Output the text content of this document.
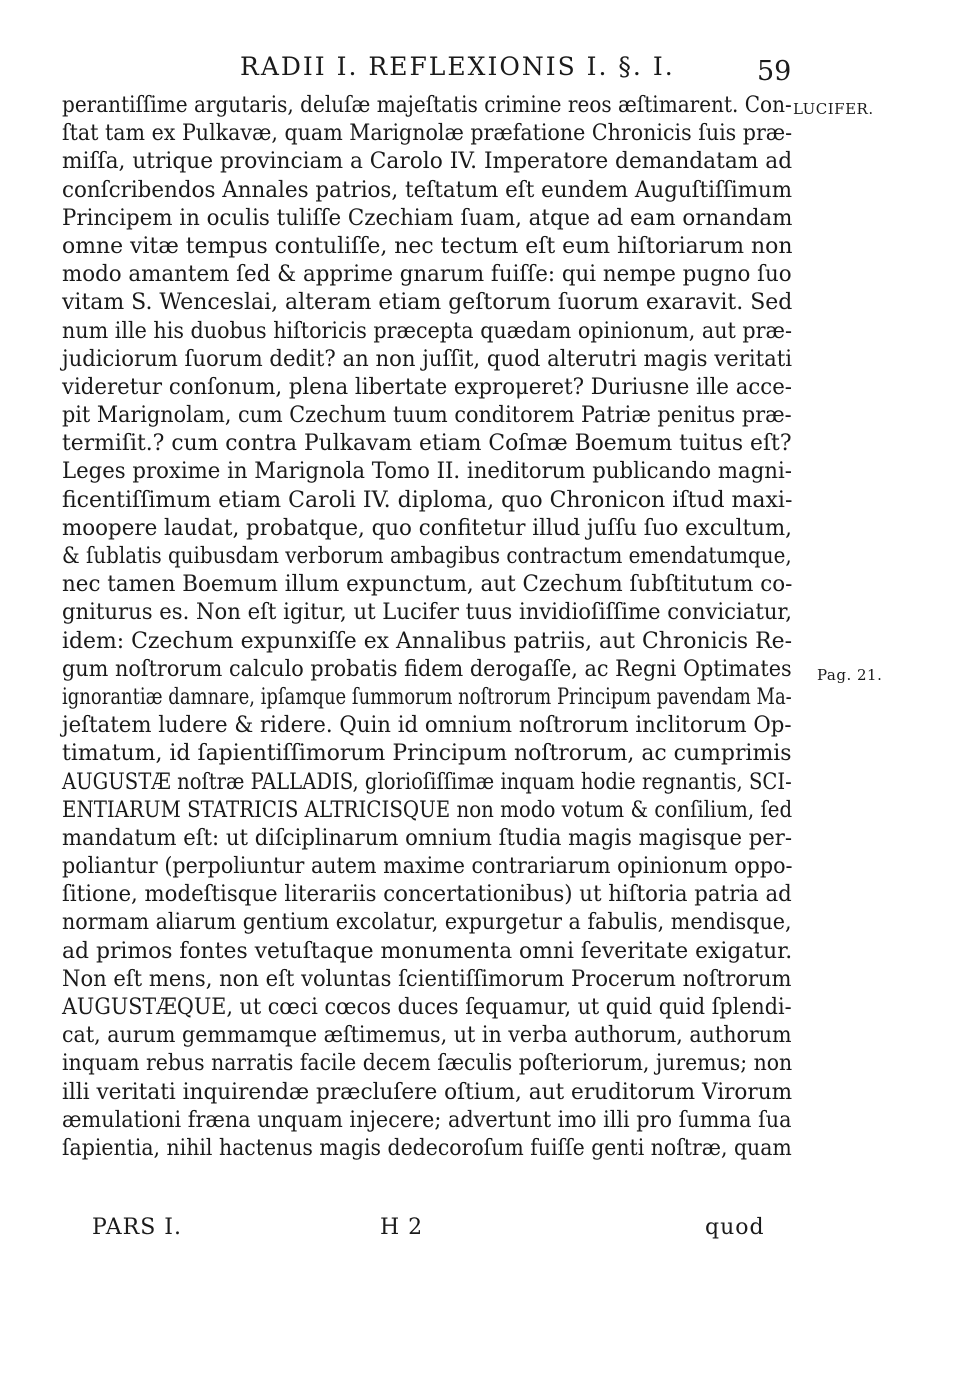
RADII I. REFLEXIONIS I. §. I.	59
LUCIFER.
Pag. 21.
perantiſſime argutaris, deluſæ majeſtatis crimine reos æſtimarent. Con-
ſtat tam ex Pulkavæ, quam Marignolæ præfatione Chronicis ſuis præ-
miſſa, utrique provinciam a Carolo IV. Imperatore demandatam ad
conſcribendos Annales patrios, teſtatum eſt eundem Auguſtiſſimum
Principem in oculis tuliſſe Czechiam ſuam, atque ad eam ornandam
omne vitæ tempus contuliſſe, nec tectum eſt eum hiſtoriarum non
modo amantem ſed & apprime gnarum fuiſſe: qui nempe pugno ſuo
vitam S. Wenceslai, alteram etiam geſtorum ſuorum exaravit. Sed
num ille his duobus hiſtoricis præcepta quædam opinionum, aut præ-
judiciorum ſuorum dedit? an non juſſit, quod alterutri magis veritati
videretur conſonum, plena libertate exprομeret? Duriusne ille acce-
pit Marignolam, cum Czechum tuum conditorem Patriæ penitus præ-
termiſit.? cum contra Pulkavam etiam Coſmæ Boemum tuitus eſt?
Leges proxime in Marignola Tomo II. ineditorum publicando magni-
ficentiſſimum etiam Caroli IV. diploma, quo Chronicon iſtud maxi-
moopere laudat, probatque, quo confitetur illud juſſu ſuo excultum,
& ſublatis quibusdam verborum ambagibus contractum emendatumque,
nec tamen Boemum illum expunctum, aut Czechum ſubſtitutum co-
gniturus es. Non eſt igitur, ut Lucifer tuus invidioſiſſime conviciatur,
idem: Czechum expunxiſſe ex Annalibus patriis, aut Chronicis Re-
gum noſtrorum calculo probatis fidem derogaſſe, ac Regni Optimates
ignorantiæ damnare, ipſamque ſummorum noſtrorum Principum pavendam Ma-
jeſtatem ludere & ridere. Quin id omnium noſtrorum inclitorum Op-
timatum, id ſapientiſſimorum Principum noſtrorum, ac cumprimis
AUGUSTÆ noſtræ PALLADIS, glorioſiſſimæ inquam hodie regnantis, SCI-
ENTIARUM STATRICIS ALTRICISQUE non modo votum & conſilium, ſed
mandatum eſt: ut diſciplinarum omnium ſtudia magis magisque per-
poliantur (perpoliuntur autem maxime contrariarum opinionum oppo-
ſitione, modeſtisque literariis concertationibus) ut hiſtoria patria ad
normam aliarum gentium excolatur, expurgetur a fabulis, mendisque,
ad primos fontes vetuſtaque monumenta omni ſeveritate exigatur.
Non eſt mens, non eſt voluntas ſcientiſſimorum Procerum noſtrorum
AUGUSTÆQUE, ut cœci cœcos duces ſequamur, ut quid quid ſplendi-
cat, aurum gemmamque æſtimemus, ut in verba authorum, authorum
inquam rebus narratis facile decem ſæculis poſteriorum, juremus; non
illi veritati inquirendæ præcluſere oſtium, aut eruditorum Virorum
æmulationi fræna unquam injecere; advertunt imo illi pro ſumma ſua
ſapientia, nihil hactenus magis dedecoroſum fuiſſe genti noſtræ, quam
PARS I.	H 2	quod
